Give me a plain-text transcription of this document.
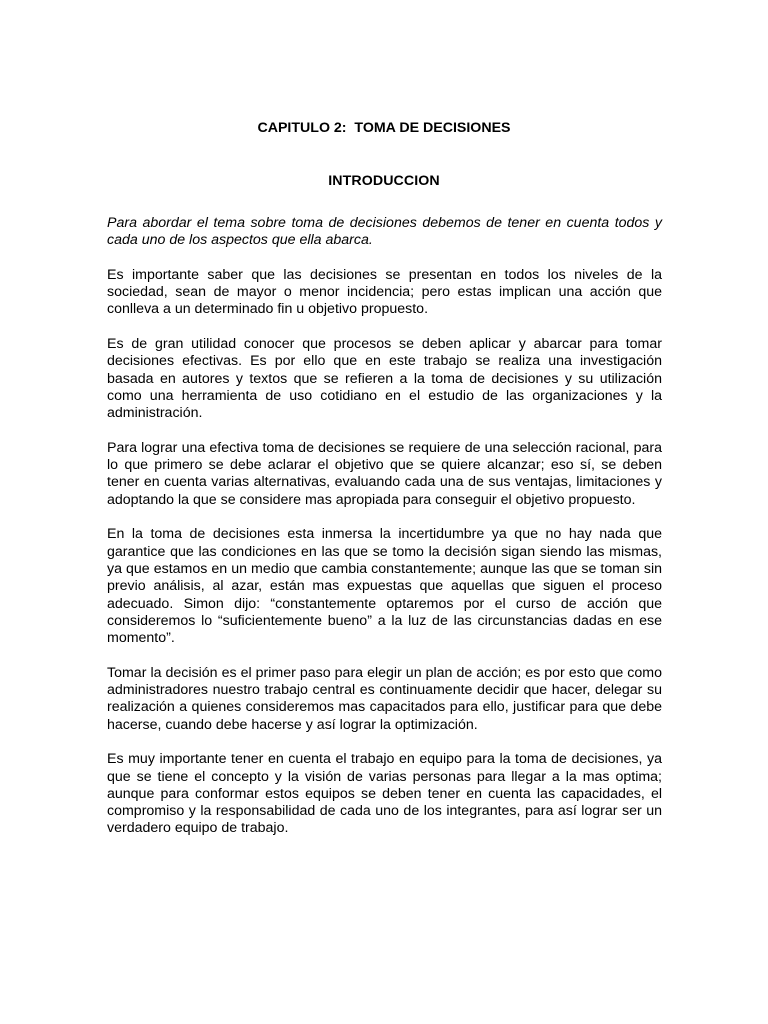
CAPITULO 2:  TOMA DE DECISIONES
INTRODUCCION

Para abordar el tema sobre toma de decisiones debemos de tener en cuenta todos y cada uno de los aspectos que ella abarca.

Es importante saber que las decisiones se presentan en todos los niveles de la sociedad, sean de mayor o menor incidencia; pero estas implican una acción que conlleva a un determinado fin u objetivo propuesto.

Es de gran utilidad conocer que procesos se deben aplicar y abarcar para tomar decisiones efectivas. Es por ello que en este trabajo se realiza una investigación basada en autores y textos que se refieren a la toma de decisiones y su utilización como una herramienta de uso cotidiano en el estudio de las organizaciones y la administración.

Para lograr una efectiva toma de decisiones se requiere de una selección racional, para lo que primero se debe aclarar el objetivo que se quiere alcanzar; eso sí, se deben tener en cuenta varias alternativas, evaluando cada una de sus ventajas, limitaciones y adoptando la que se considere mas apropiada para conseguir el objetivo propuesto.

En la toma de decisiones esta inmersa la incertidumbre ya que no hay nada que garantice que las condiciones en las que se tomo la decisión sigan siendo las mismas, ya que estamos en un medio que cambia constantemente; aunque las que se toman sin previo análisis, al azar, están mas expuestas que aquellas que siguen el proceso adecuado. Simon dijo: “constantemente optaremos por el curso de acción que consideremos lo “suficientemente bueno” a la luz de las circunstancias dadas en ese momento”.

Tomar la decisión es el primer paso para elegir un plan de acción; es por esto que como administradores nuestro trabajo central es continuamente decidir que hacer, delegar su realización a quienes consideremos mas capacitados para ello, justificar para que debe hacerse, cuando debe hacerse y así lograr la optimización.

Es muy importante tener en cuenta el trabajo en equipo para la toma de decisiones, ya que se tiene el concepto y la visión de varias personas para llegar a la mas optima; aunque para conformar estos equipos se deben tener en cuenta las capacidades, el compromiso y la responsabilidad de cada uno de los integrantes, para así lograr ser un verdadero equipo de trabajo.
